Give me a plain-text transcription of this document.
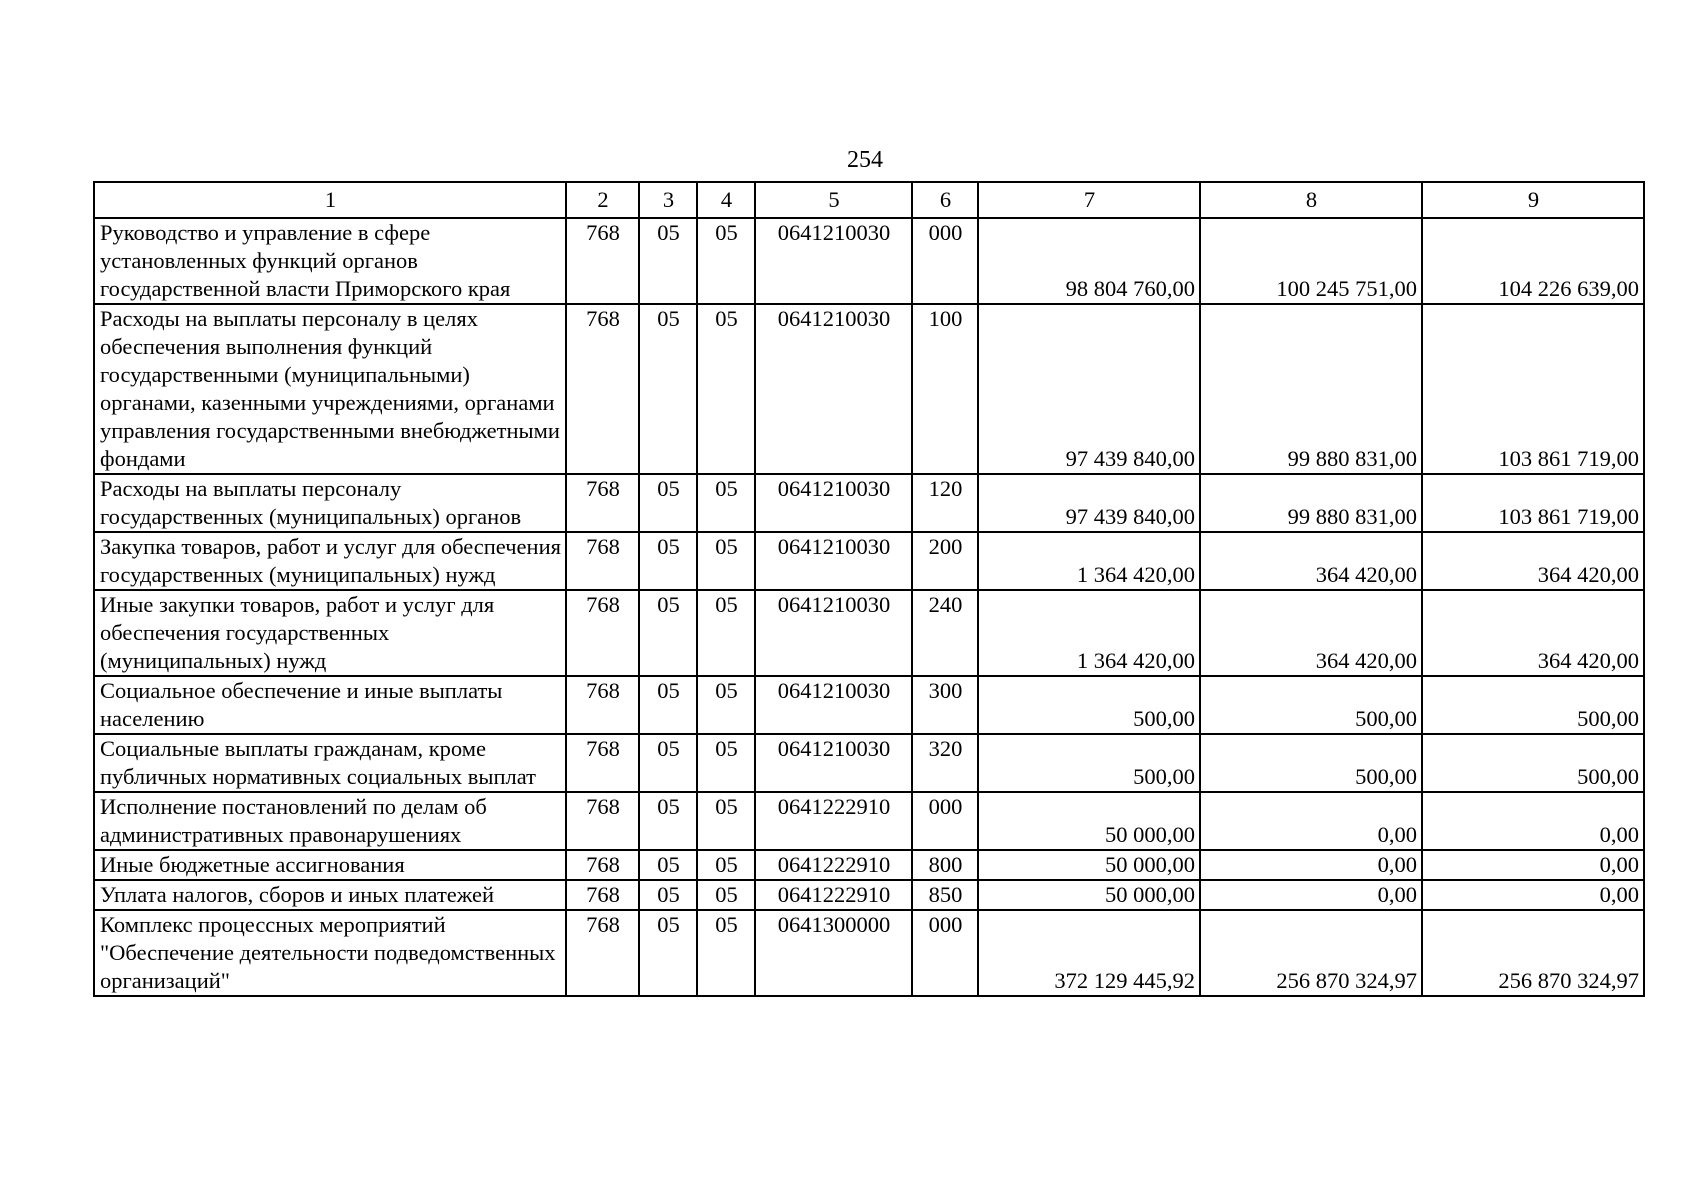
254
1	2	3	4	5	6	7	8	9
Руководство и управление в сфере установленных функций органов государственной власти Приморского края	768	05	05	0641210030	000	98 804 760,00	100 245 751,00	104 226 639,00
Расходы на выплаты персоналу в целях обеспечения выполнения функций государственными (муниципальными) органами, казенными учреждениями, органами управления государственными внебюджетными фондами	768	05	05	0641210030	100	97 439 840,00	99 880 831,00	103 861 719,00
Расходы на выплаты персоналу государственных (муниципальных) органов	768	05	05	0641210030	120	97 439 840,00	99 880 831,00	103 861 719,00
Закупка товаров, работ и услуг для обеспечения государственных (муниципальных) нужд	768	05	05	0641210030	200	1 364 420,00	364 420,00	364 420,00
Иные закупки товаров, работ и услуг для обеспечения государственных (муниципальных) нужд	768	05	05	0641210030	240	1 364 420,00	364 420,00	364 420,00
Социальное обеспечение и иные выплаты населению	768	05	05	0641210030	300	500,00	500,00	500,00
Социальные выплаты гражданам, кроме публичных нормативных социальных выплат	768	05	05	0641210030	320	500,00	500,00	500,00
Исполнение постановлений по делам об административных правонарушениях	768	05	05	0641222910	000	50 000,00	0,00	0,00
Иные бюджетные ассигнования	768	05	05	0641222910	800	50 000,00	0,00	0,00
Уплата налогов, сборов и иных платежей	768	05	05	0641222910	850	50 000,00	0,00	0,00
Комплекс процессных мероприятий "Обеспечение деятельности подведомственных организаций"	768	05	05	0641300000	000	372 129 445,92	256 870 324,97	256 870 324,97
